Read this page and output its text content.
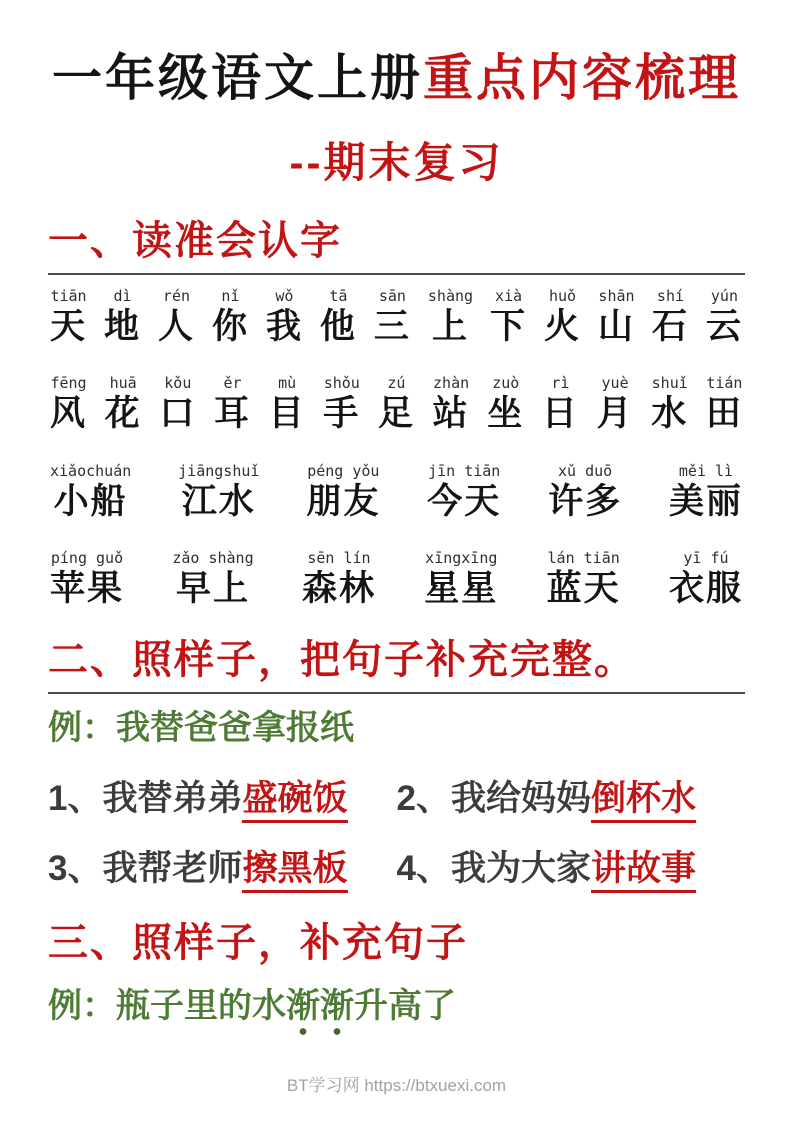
一年级语文上册重点内容梳理
--期末复习
一、读准会认字
tiān
天
dì
地
rén
人
nǐ
你
wǒ
我
tā
他
sān
三
shàng
上
xià
下
huǒ
火
shān
山
shí
石
yún
云
fēng
风
huā
花
kǒu
口
ěr
耳
mù
目
shǒu
手
zú
足
zhàn
站
zuò
坐
rì
日
yuè
月
shuǐ
水
tián
田
xiǎochuán
小船
jiāngshuǐ
江水
péng yǒu
朋友
jīn tiān
今天
xǔ duō
许多
měi lì
美丽
píng guǒ
苹果
zǎo shàng
早上
sēn lín
森林
xīngxīng
星星
lán tiān
蓝天
yī fú
衣服
二、照样子，把句子补充完整。
例：我替爸爸拿报纸
1、我替弟弟盛碗饭	2、我给妈妈倒杯水
3、我帮老师擦黑板	4、我为大家讲故事
三、照样子，补充句子
例：瓶子里的水渐渐升高了
BT学习网 https://btxuexi.com
